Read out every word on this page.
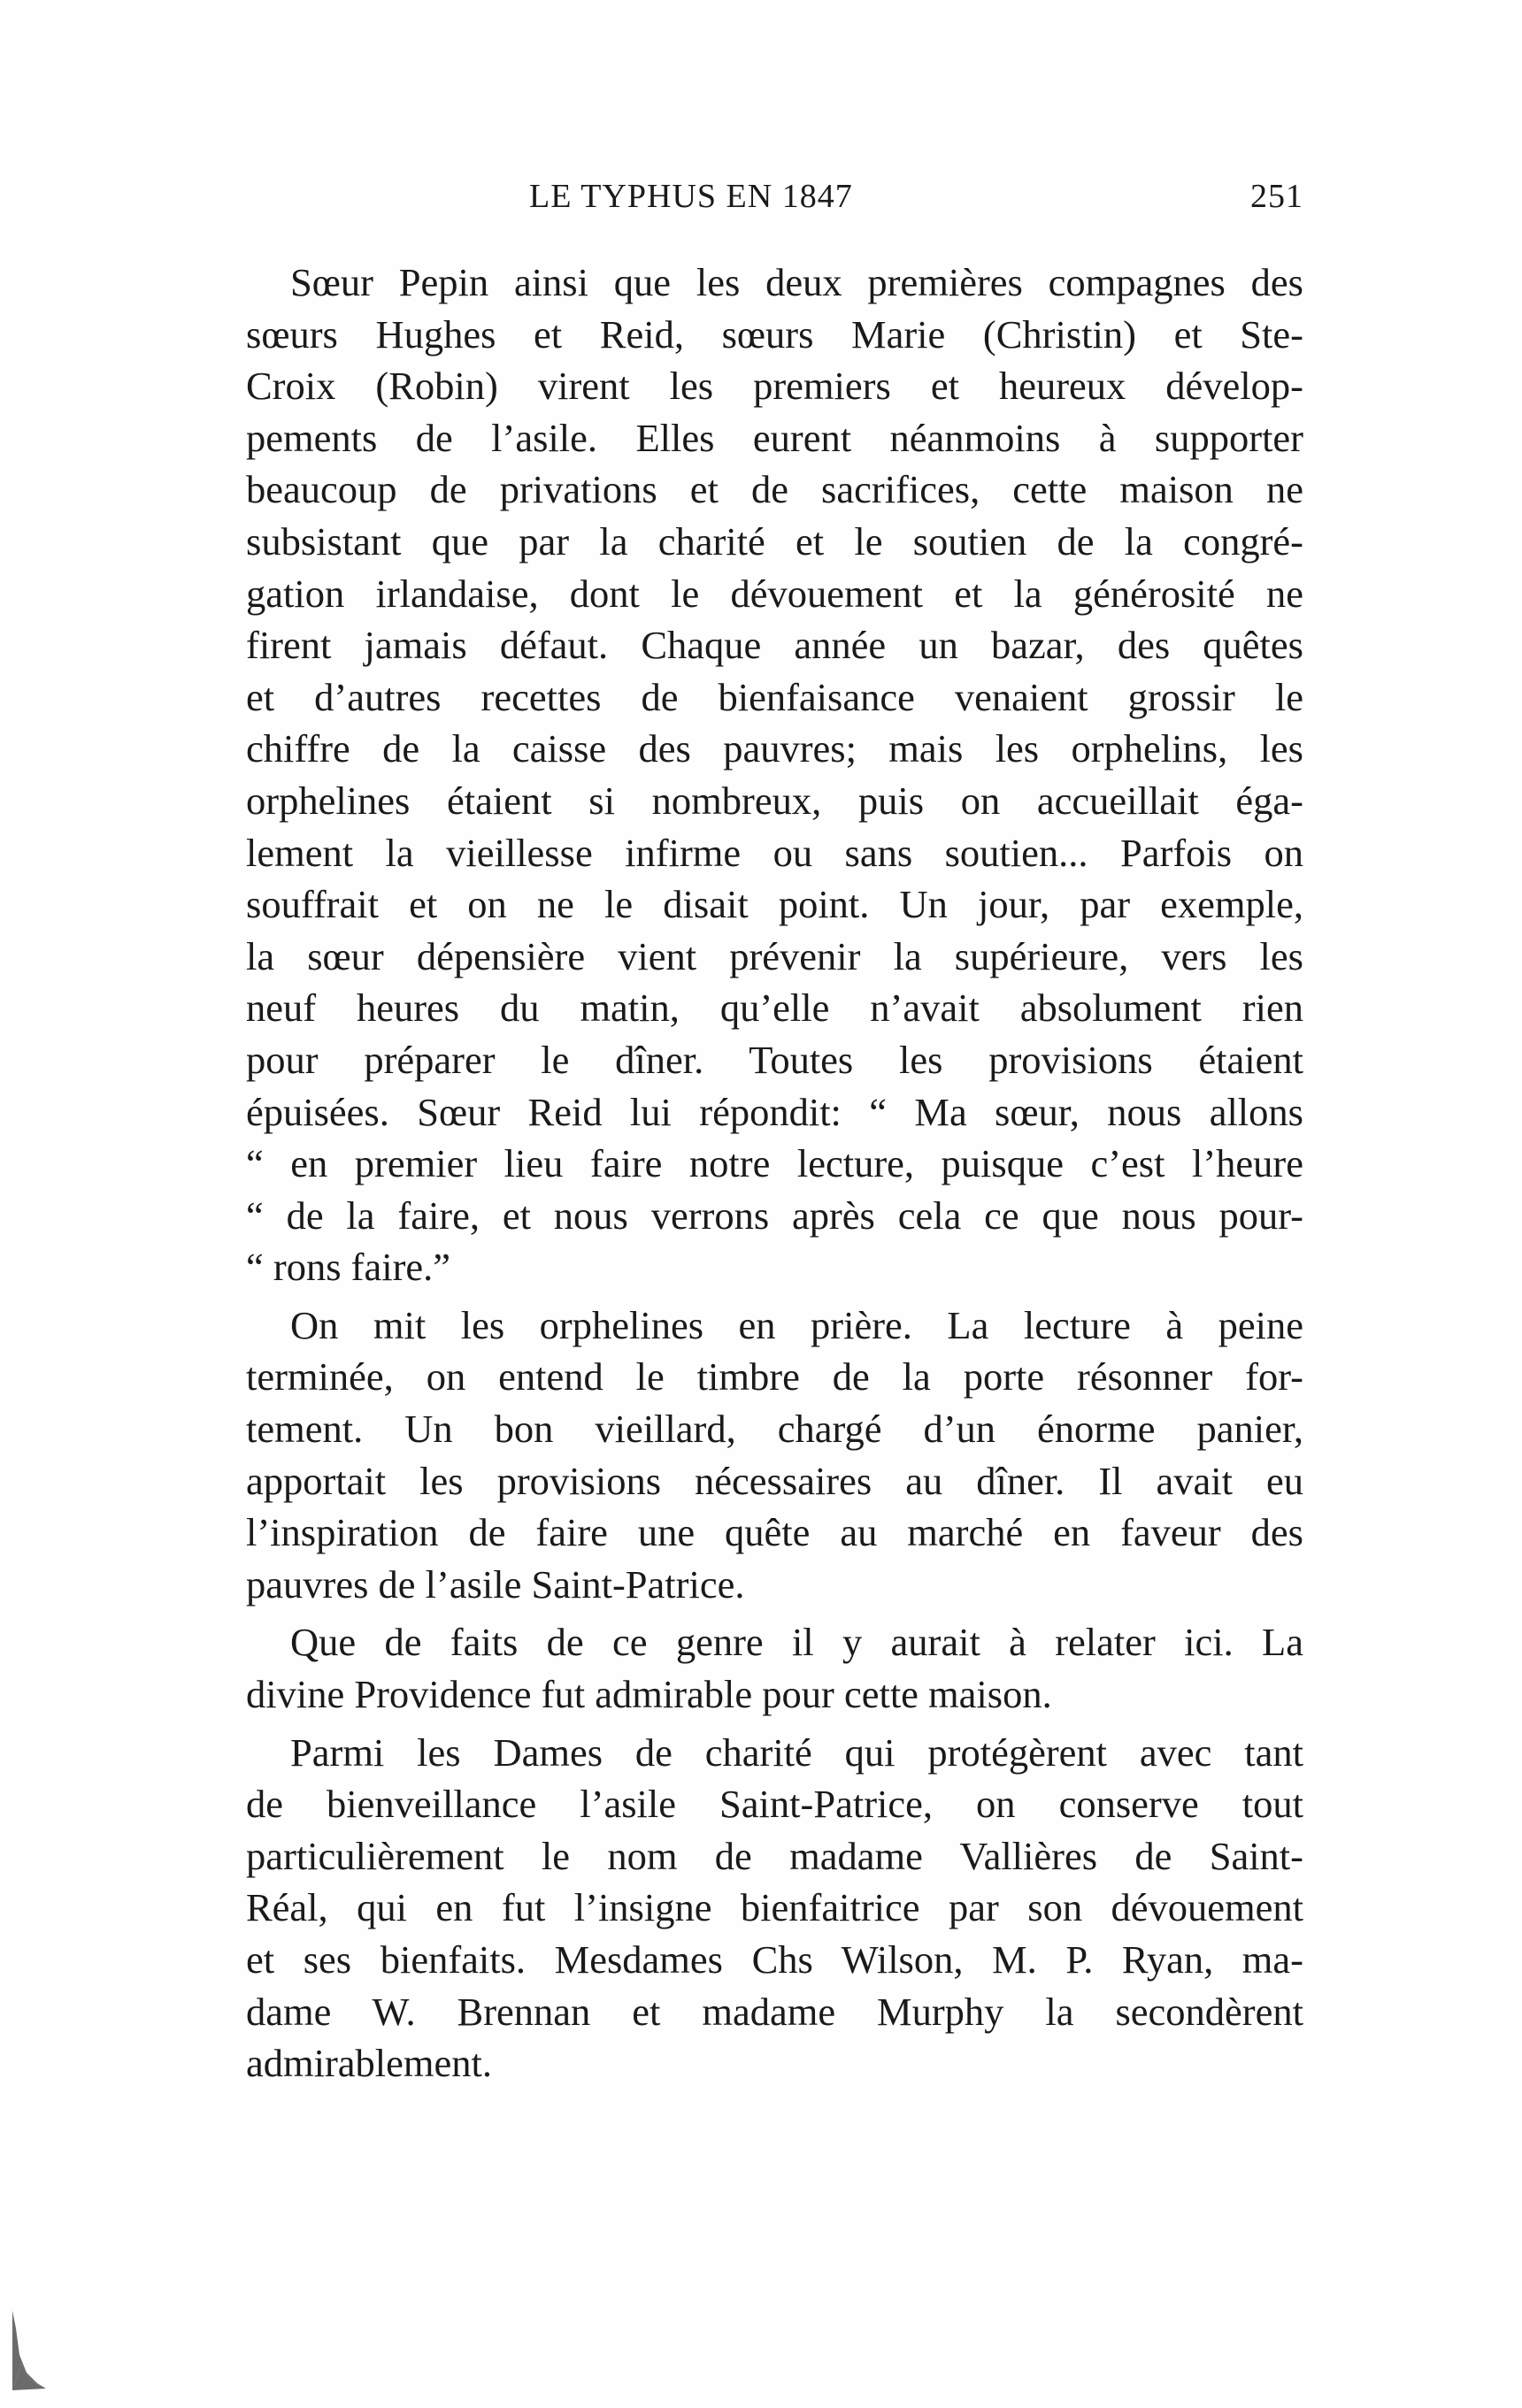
LE TYPHUS EN 1847	251
Sœur Pepin ainsi que les deux premières compagnes des
sœurs Hughes et Reid, sœurs Marie (Christin) et Ste-
Croix (Robin) virent les premiers et heureux dévelop-
pements de l’asile. Elles eurent néanmoins à supporter
beaucoup de privations et de sacrifices, cette maison ne
subsistant que par la charité et le soutien de la congré-
gation irlandaise, dont le dévouement et la générosité ne
firent jamais défaut. Chaque année un bazar, des quêtes
et d’autres recettes de bienfaisance venaient grossir le
chiffre de la caisse des pauvres; mais les orphelins, les
orphelines étaient si nombreux, puis on accueillait éga-
lement la vieillesse infirme ou sans soutien... Parfois on
souffrait et on ne le disait point. Un jour, par exemple,
la sœur dépensière vient prévenir la supérieure, vers les
neuf heures du matin, qu’elle n’avait absolument rien
pour préparer le dîner. Toutes les provisions étaient
épuisées. Sœur Reid lui répondit: “ Ma sœur, nous allons
“ en premier lieu faire notre lecture, puisque c’est l’heure
“ de la faire, et nous verrons après cela ce que nous pour-
“ rons faire.”
On mit les orphelines en prière. La lecture à peine
terminée, on entend le timbre de la porte résonner for-
tement. Un bon vieillard, chargé d’un énorme panier,
apportait les provisions nécessaires au dîner. Il avait eu
l’inspiration de faire une quête au marché en faveur des
pauvres de l’asile Saint-Patrice.
Que de faits de ce genre il y aurait à relater ici. La
divine Providence fut admirable pour cette maison.
Parmi les Dames de charité qui protégèrent avec tant
de bienveillance l’asile Saint-Patrice, on conserve tout
particulièrement le nom de madame Vallières de Saint-
Réal, qui en fut l’insigne bienfaitrice par son dévouement
et ses bienfaits. Mesdames Chs Wilson, M. P. Ryan, ma-
dame W. Brennan et madame Murphy la secondèrent
admirablement.
